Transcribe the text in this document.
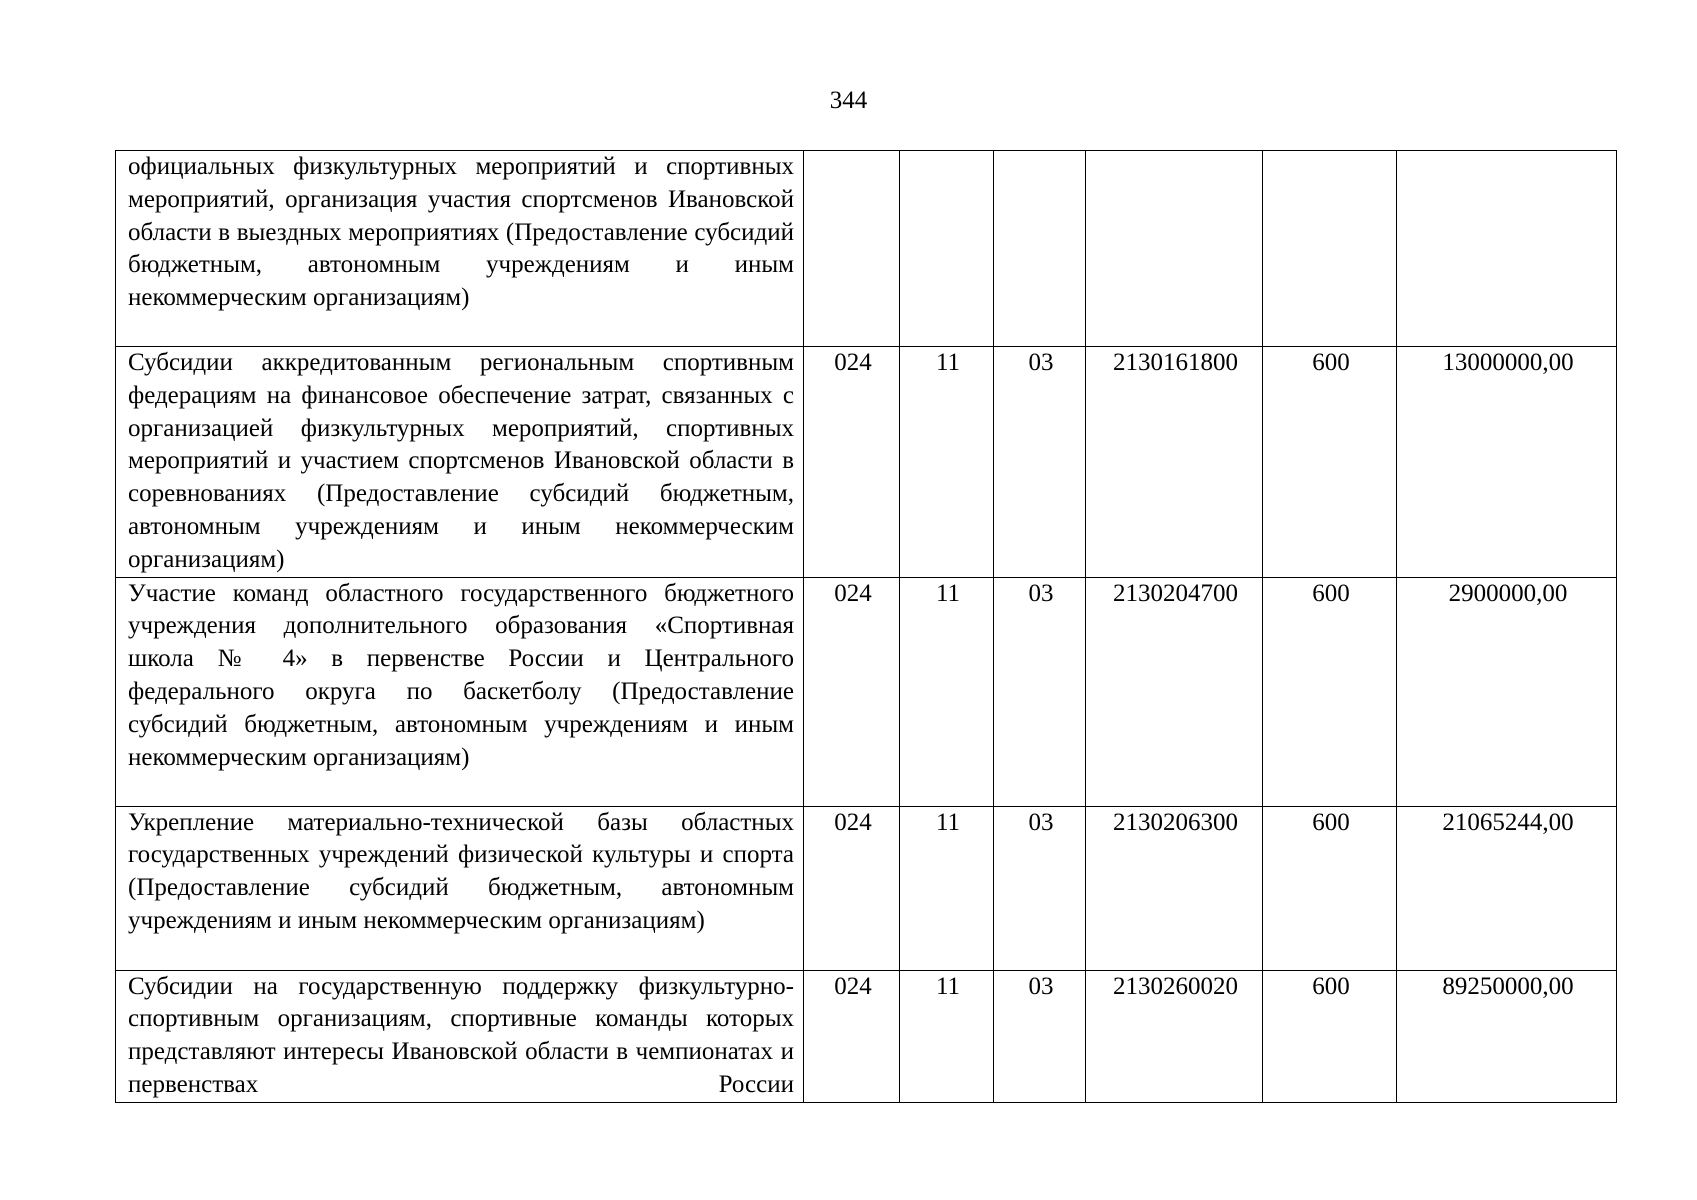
344
официальных физкультурных мероприятий и спортивных мероприятий, организация участия спортсменов Ивановской области в выездных мероприятиях (Предоставление субсидий бюджетным, автономным учреждениям и иным некоммерческим организациям)						
Субсидии аккредитованным региональным спортивным федерациям на финансовое обеспечение затрат, связанных с организацией физкультурных мероприятий, спортивных мероприятий и участием спортсменов Ивановской области в соревнованиях (Предоставление субсидий бюджетным, автономным учреждениям и иным некоммерческим организациям)	024	11	03	2130161800	600	13000000,00
Участие команд областного государственного бюджетного учреждения дополнительного образования «Спортивная школа № 4» в первенстве России и Центрального федерального округа по баскетболу (Предоставление субсидий бюджетным, автономным учреждениям и иным некоммерческим организациям)	024	11	03	2130204700	600	2900000,00
Укрепление материально-технической базы областных государственных учреждений физической культуры и спорта (Предоставление субсидий бюджетным, автономным учреждениям и иным некоммерческим организациям)	024	11	03	2130206300	600	21065244,00
Субсидии на государственную поддержку физкультурно-спортивным организациям, спортивные команды которых представляют интересы Ивановской области в чемпионатах и первенствах России	024	11	03	2130260020	600	89250000,00
